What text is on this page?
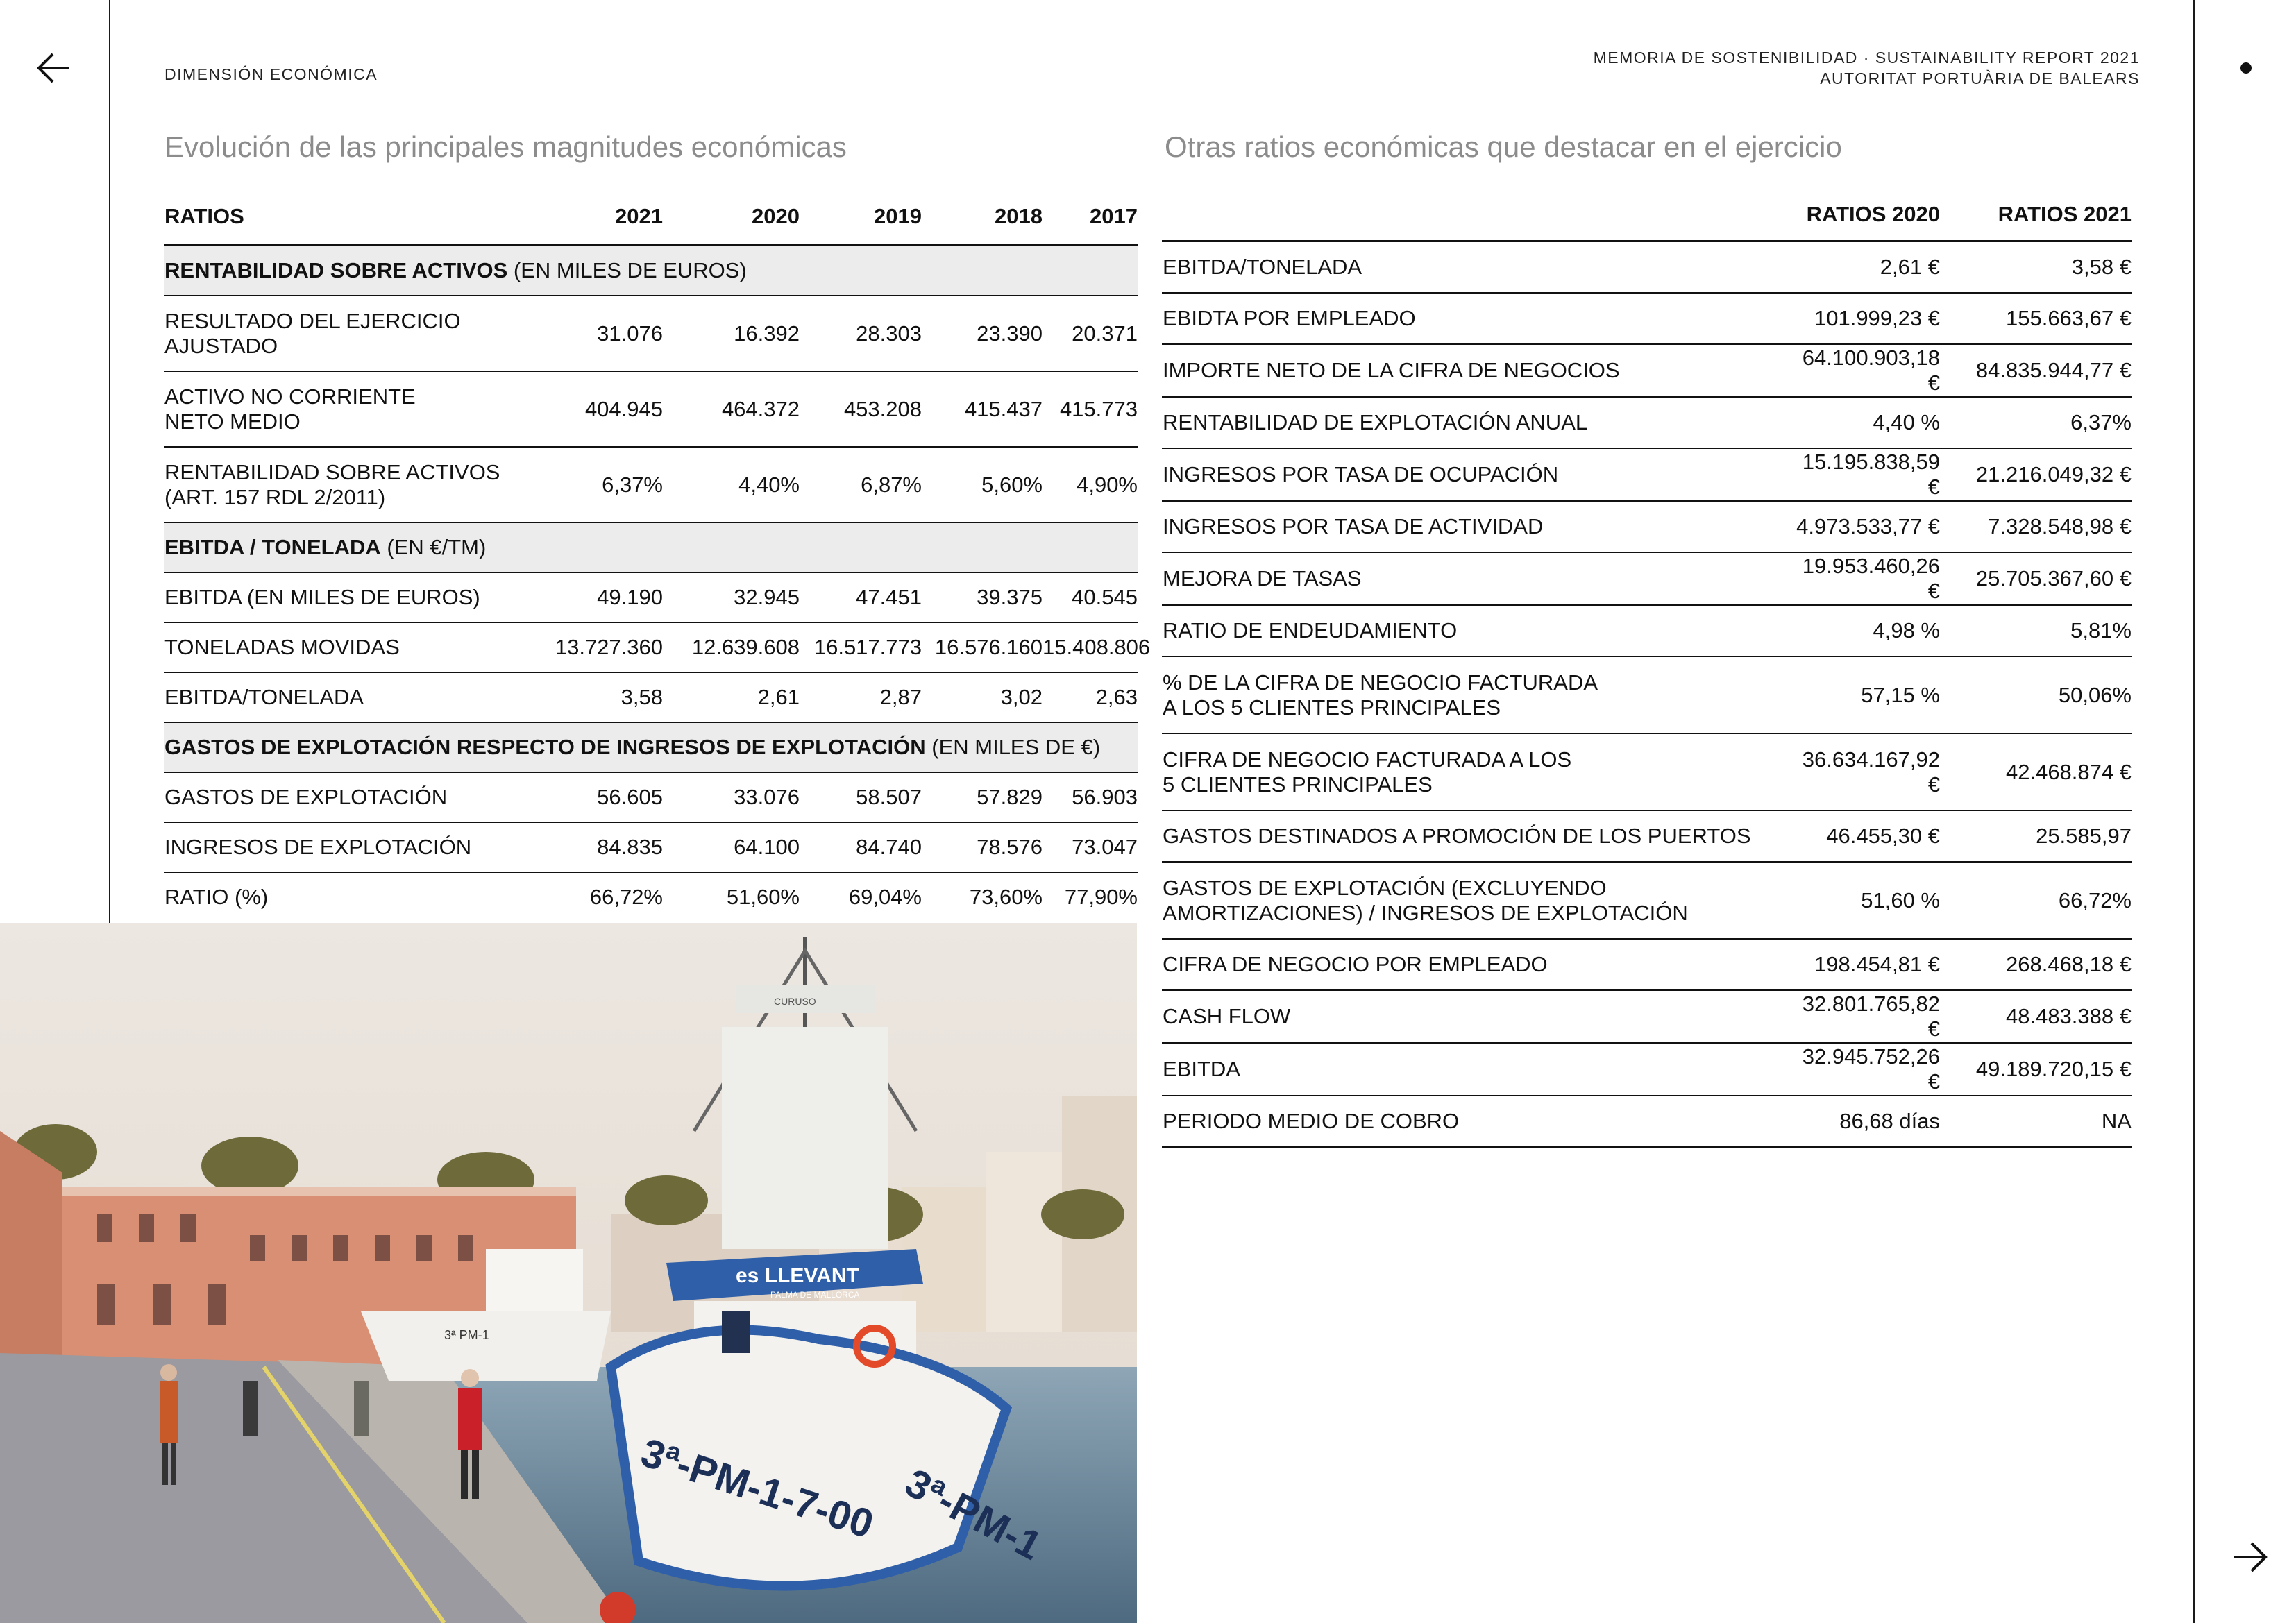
DIMENSIÓN ECONÓMICA
MEMORIA DE SOSTENIBILIDAD · SUSTAINABILITY REPORT 2021
AUTORITAT PORTUÀRIA DE BALEARS
Evolución de las principales magnitudes económicas	Otras ratios económicas que destacar en el ejercicio
RATIOS	2021	2020	2019	2018	2017
RENTABILIDAD SOBRE ACTIVOS (EN MILES DE EUROS)					

RESULTADO DEL EJERCICIO
AJUSTADO	31.076	16.392	28.303	23.390	20.371

ACTIVO NO CORRIENTE
NETO MEDIO	404.945	464.372	453.208	415.437	415.773

RENTABILIDAD SOBRE ACTIVOS
(ART. 157 RDL 2/2011)	6,37%	4,40%	6,87%	5,60%	4,90%
EBITDA / TONELADA (EN €/TM)					
EBITDA (EN MILES DE EUROS)	49.190	32.945	47.451	39.375	40.545
TONELADAS MOVIDAS	13.727.360	12.639.608	16.517.773	16.576.160	15.408.806
EBITDA/TONELADA	3,58	2,61	2,87	3,02	2,63
GASTOS DE EXPLOTACIÓN RESPECTO DE INGRESOS DE EXPLOTACIÓN (EN MILES DE €)					
GASTOS DE EXPLOTACIÓN	56.605	33.076	58.507	57.829	56.903
INGRESOS DE EXPLOTACIÓN	84.835	64.100	84.740	78.576	73.047
RATIO (%)	66,72%	51,60%	69,04%	73,60%	77,90%
	RATIOS 2020	RATIOS 2021
EBITDA/TONELADA	2,61 €	3,58 €
EBIDTA POR EMPLEADO	101.999,23 €	155.663,67 €
IMPORTE NETO DE LA CIFRA DE NEGOCIOS	64.100.903,18 €	84.835.944,77 €
RENTABILIDAD DE EXPLOTACIÓN ANUAL	4,40 %	6,37%
INGRESOS POR TASA DE OCUPACIÓN	15.195.838,59 €	21.216.049,32 €
INGRESOS POR TASA DE ACTIVIDAD	4.973.533,77 €	7.328.548,98 €
MEJORA DE TASAS	19.953.460,26 €	25.705.367,60 €
RATIO DE ENDEUDAMIENTO	4,98 %	5,81%

% DE LA CIFRA DE NEGOCIO FACTURADA
A LOS 5 CLIENTES PRINCIPALES	57,15 %	50,06%

CIFRA DE NEGOCIO FACTURADA A LOS
5 CLIENTES PRINCIPALES	36.634.167,92 €	42.468.874 €
GASTOS DESTINADOS A PROMOCIÓN DE LOS PUERTOS	46.455,30 €	25.585,97

GASTOS DE EXPLOTACIÓN (EXCLUYENDO
AMORTIZACIONES) / INGRESOS DE EXPLOTACIÓN	51,60 %	66,72%
CIFRA DE NEGOCIO POR EMPLEADO	198.454,81 €	268.468,18 €
CASH FLOW	32.801.765,82 €	48.483.388 €
EBITDA	32.945.752,26 €	49.189.720,15 €
PERIODO MEDIO DE COBRO	86,68 días	NA
3ª PM-1
CURUSO
es LLEVANT
PALMA DE MALLORCA
3ª-PM-1-7-00 3ª-PM-1
